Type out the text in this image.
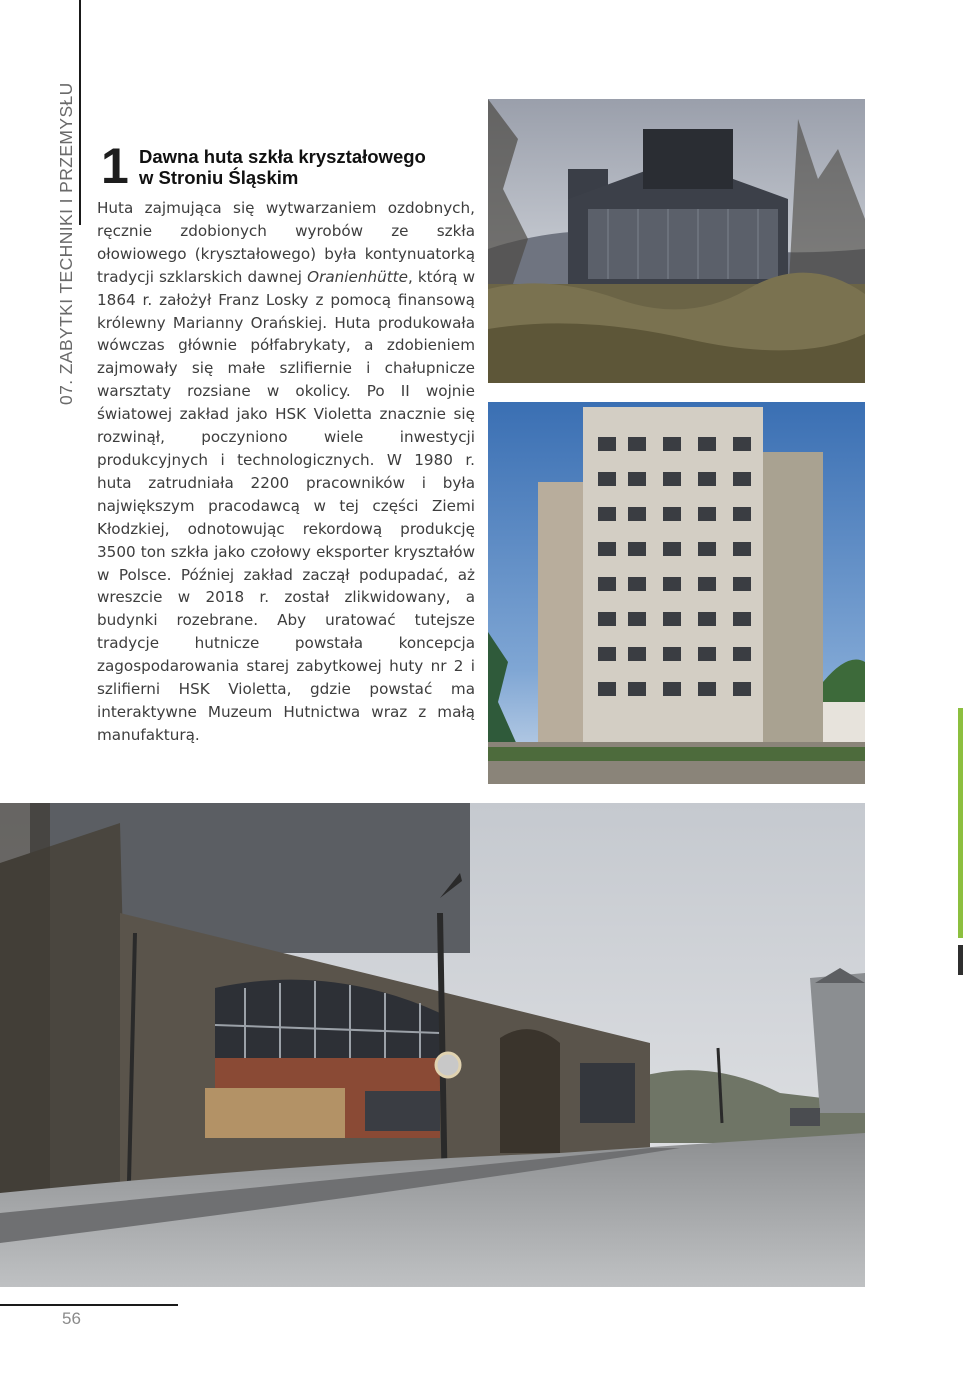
07. ZABYTKI TECHNIKI I PRZEMYSŁU 1 Dawna huta szkła kryształowego
w Stroniu Śląskim
Huta zajmująca się wytwarzaniem ozdobnych, ręcznie zdobionych wyrobów ze szkła ołowiowego (kryształowego) była kontynuatorką tradycji szklarskich dawnej Oranienhütte, którą w 1864 r. założył Franz Losky z pomocą finansową królewny Marianny Orańskiej. Huta produkowała wówczas głównie półfabrykaty, a zdobieniem zajmowały się małe szlifiernie i chałupnicze warsztaty rozsiane w okolicy. Po II wojnie światowej zakład jako HSK Violetta znacznie się rozwinął, poczyniono wiele inwestycji produkcyjnych i technologicznych. W 1980 r. huta zatrudniała 2200 pracowników i była największym pracodawcą w tej części Ziemi Kłodzkiej, odnotowując rekordową produkcję 3500 ton szkła jako czołowy eksporter kryształów w Polsce. Później zakład zaczął podupadać, aż wreszcie w 2018 r. został zlikwidowany, a budynki rozebrane. Aby uratować tutejsze tradycje hutnicze powstała koncepcja zagospodarowania starej zabytkowej huty nr 2 i szlifierni HSK Violetta, gdzie powstać ma interaktywne Muzeum Hutnictwa wraz z małą manufakturą.
56
